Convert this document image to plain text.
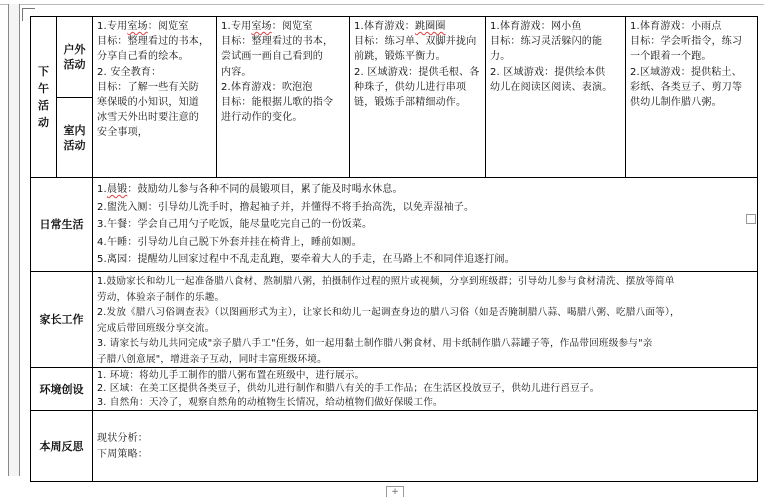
下午活动
户外活动
室内活动

1.专用室场：阅览室

目标：整理看过的书本，

分享自己看的绘本。

2. 安全教育：

目标：了解一些有关防

寒保暖的小知识，知道

冰雪天外出时要注意的

安全事项，

1.专用室场：阅览室

目标：整理看过的书本，

尝试画一画自己看到的

内容。

2.体育游戏：吹泡泡

目标：能根据儿歌的指令

进行动作的变化。

1.体育游戏：跳圈圈

目标：练习单、双脚并拢向

前跳，锻炼平衡力。

2. 区域游戏：提供毛根、各

种珠子，供幼儿进行串项

链，锻炼手部精细动作。

1.体育游戏：网小鱼

目标：练习灵活躲闪的能

力。

2. 区域游戏：提供绘本供

幼儿在阅读区阅读、表演。

1.体育游戏：小雨点

目标：学会听指令，练习

一个跟着一个跑。

2.区域游戏：提供粘土、

彩纸、各类豆子、剪刀等

供幼儿制作腊八粥。

日常生活

1.晨锻：鼓励幼儿参与各种不同的晨锻项目，累了能及时喝水休息。

2.盥洗入厕：引导幼儿洗手时，撸起袖子并，并懂得不将手抬高洗，以免弄湿袖子。

3.午餐：学会自己用勺子吃饭，能尽量吃完自己的一份饭菜。

4.午睡：引导幼儿自己脱下外套并挂在椅背上，睡前如厕。

5.离园：提醒幼儿回家过程中不乱走乱跑，要牵着大人的手走，在马路上不和同伴追逐打闹。

家长工作

1.鼓励家长和幼儿一起准备腊八食材、熬制腊八粥，拍摄制作过程的照片或视频，分享到班级群；引导幼儿参与食材清洗、摆放等简单

劳动，体验亲子制作的乐趣。

2.发放《腊八习俗调查表》（以图画形式为主），让家长和幼儿一起调查身边的腊八习俗（如是否腌制腊八蒜、喝腊八粥、吃腊八面等），

完成后带回班级分享交流。

3. 请家长与幼儿共同完成"亲子腊八手工"任务，如一起用黏土制作腊八粥食材、用卡纸制作腊八蒜罐子等，作品带回班级参与"亲

子腊八创意展"，增进亲子互动，同时丰富班级环境。

环境创设

1. 环境：将幼儿手工制作的腊八粥布置在班级中，进行展示。

2. 区域：在美工区提供各类豆子，供幼儿进行制作和腊八有关的手工作品；在生活区投放豆子，供幼儿进行舀豆子。

3. 自然角：天冷了，观察自然角的动植物生长情况，给动植物们做好保暖工作。

本周反思

现状分析：

下周策略：

+
